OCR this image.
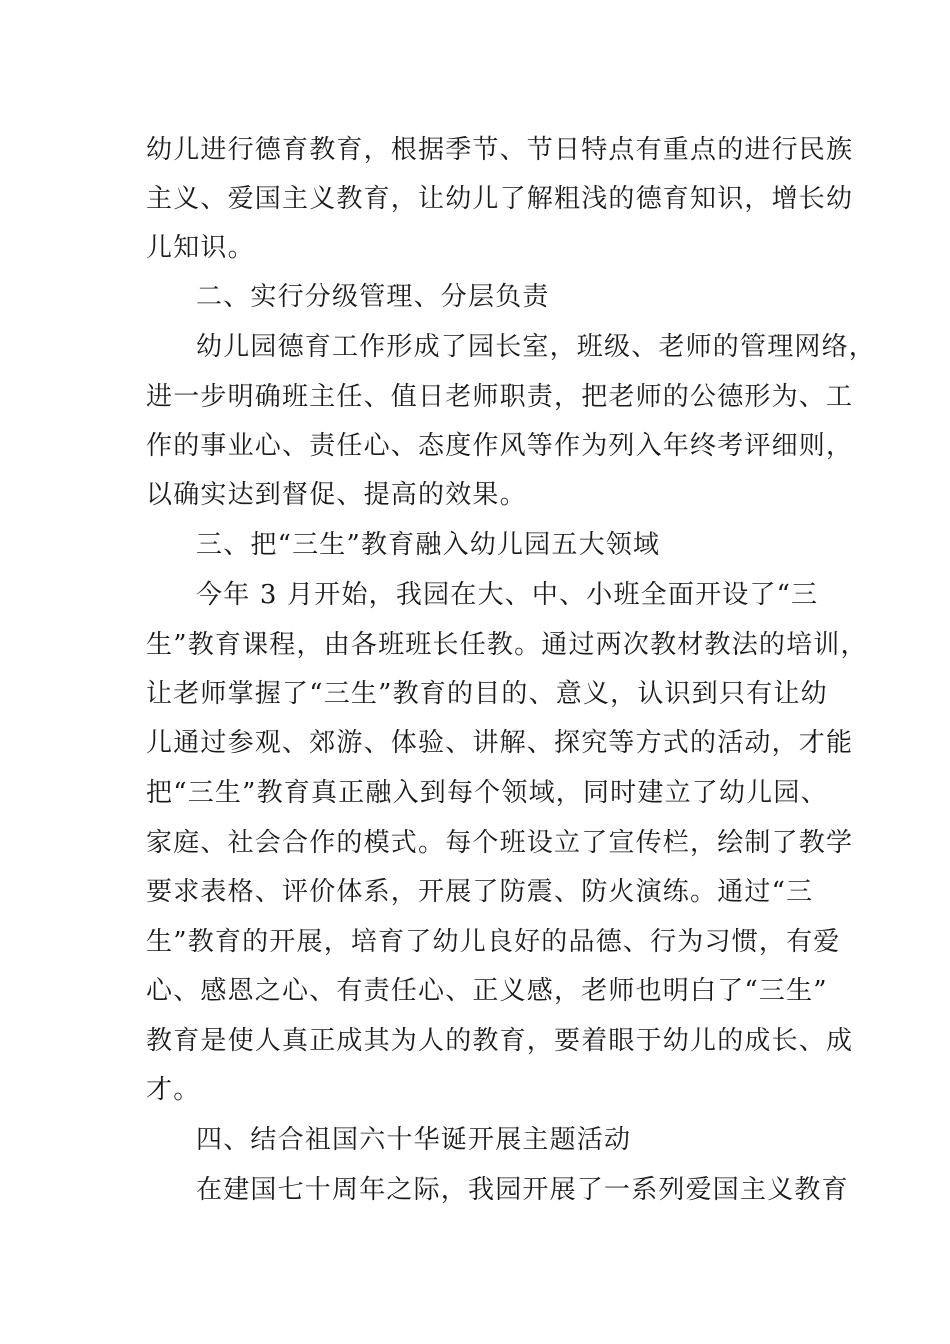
幼儿进行德育教育，根据季节、节日特点有重点的进行民族

主义、爱国主义教育，让幼儿了解粗浅的德育知识，增长幼

儿知识。

二、实行分级管理、分层负责

幼儿园德育工作形成了园长室，班级、老师的管理网络，

进一步明确班主任、值日老师职责，把老师的公德形为、工

作的事业心、责任心、态度作风等作为列入年终考评细则，

以确实达到督促、提高的效果。

三、把“三生”教育融入幼儿园五大领域

今年 3 月开始，我园在大、中、小班全面开设了“三

生”教育课程，由各班班长任教。通过两次教材教法的培训，

让老师掌握了“三生”教育的目的、意义，认识到只有让幼

儿通过参观、郊游、体验、讲解、探究等方式的活动，才能

把“三生”教育真正融入到每个领域，同时建立了幼儿园、

家庭、社会合作的模式。每个班设立了宣传栏，绘制了教学

要求表格、评价体系，开展了防震、防火演练。通过“三

生”教育的开展，培育了幼儿良好的品德、行为习惯，有爱

心、感恩之心、有责任心、正义感，老师也明白了“三生”

教育是使人真正成其为人的教育，要着眼于幼儿的成长、成

才。

四、结合祖国六十华诞开展主题活动

在建国七十周年之际，我园开展了一系列爱国主义教育
